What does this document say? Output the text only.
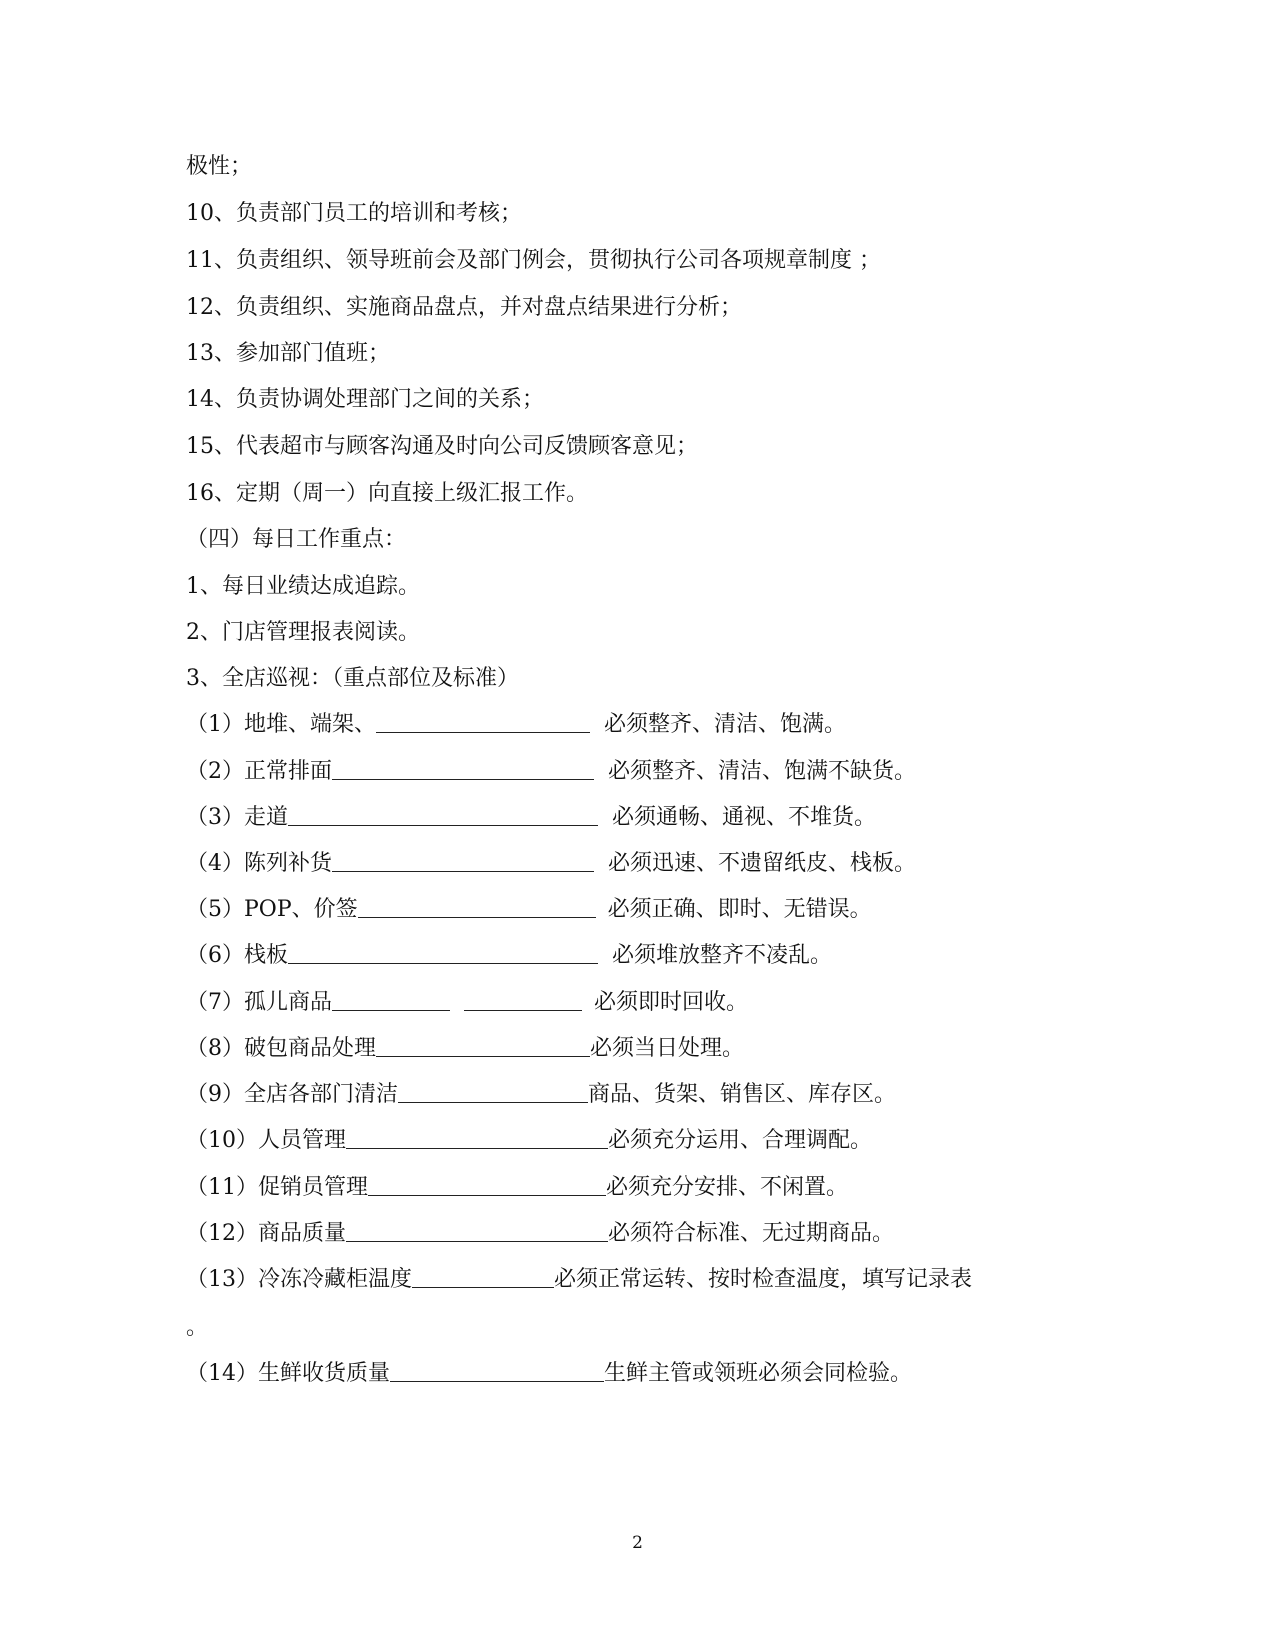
极性；
10、负责部门员工的培训和考核；
11、负责组织、领导班前会及部门例会，贯彻执行公司各项规章制度 ；
12、负责组织、实施商品盘点，并对盘点结果进行分析；
13、参加部门值班；
14、负责协调处理部门之间的关系；
15、代表超市与顾客沟通及时向公司反馈顾客意见；
16、定期（周一）向直接上级汇报工作。
（四）每日工作重点：
1、每日业绩达成追踪。
2、门店管理报表阅读。
3、全店巡视：（重点部位及标准）
（1）地堆、端架、	必须整齐、清洁、饱满。
（2）正常排面	必须整齐、清洁、饱满不缺货。
（3）走道	必须通畅、通视、不堆货。
（4）陈列补货	必须迅速、不遗留纸皮、栈板。
（5）POP、价签	必须正确、即时、无错误。
（6）栈板	必须堆放整齐不凌乱。
（7）孤儿商品	必须即时回收。
（8）破包商品处理	必须当日处理。
（9）全店各部门清洁	商品、货架、销售区、库存区。
（10）人员管理	必须充分运用、合理调配。
（11）促销员管理	必须充分安排、不闲置。
（12）商品质量	必须符合标准、无过期商品。
（13）冷冻冷藏柜温度	必须正常运转、按时检查温度，填写记录表
。
（14）生鲜收货质量	生鲜主管或领班必须会同检验。
2
